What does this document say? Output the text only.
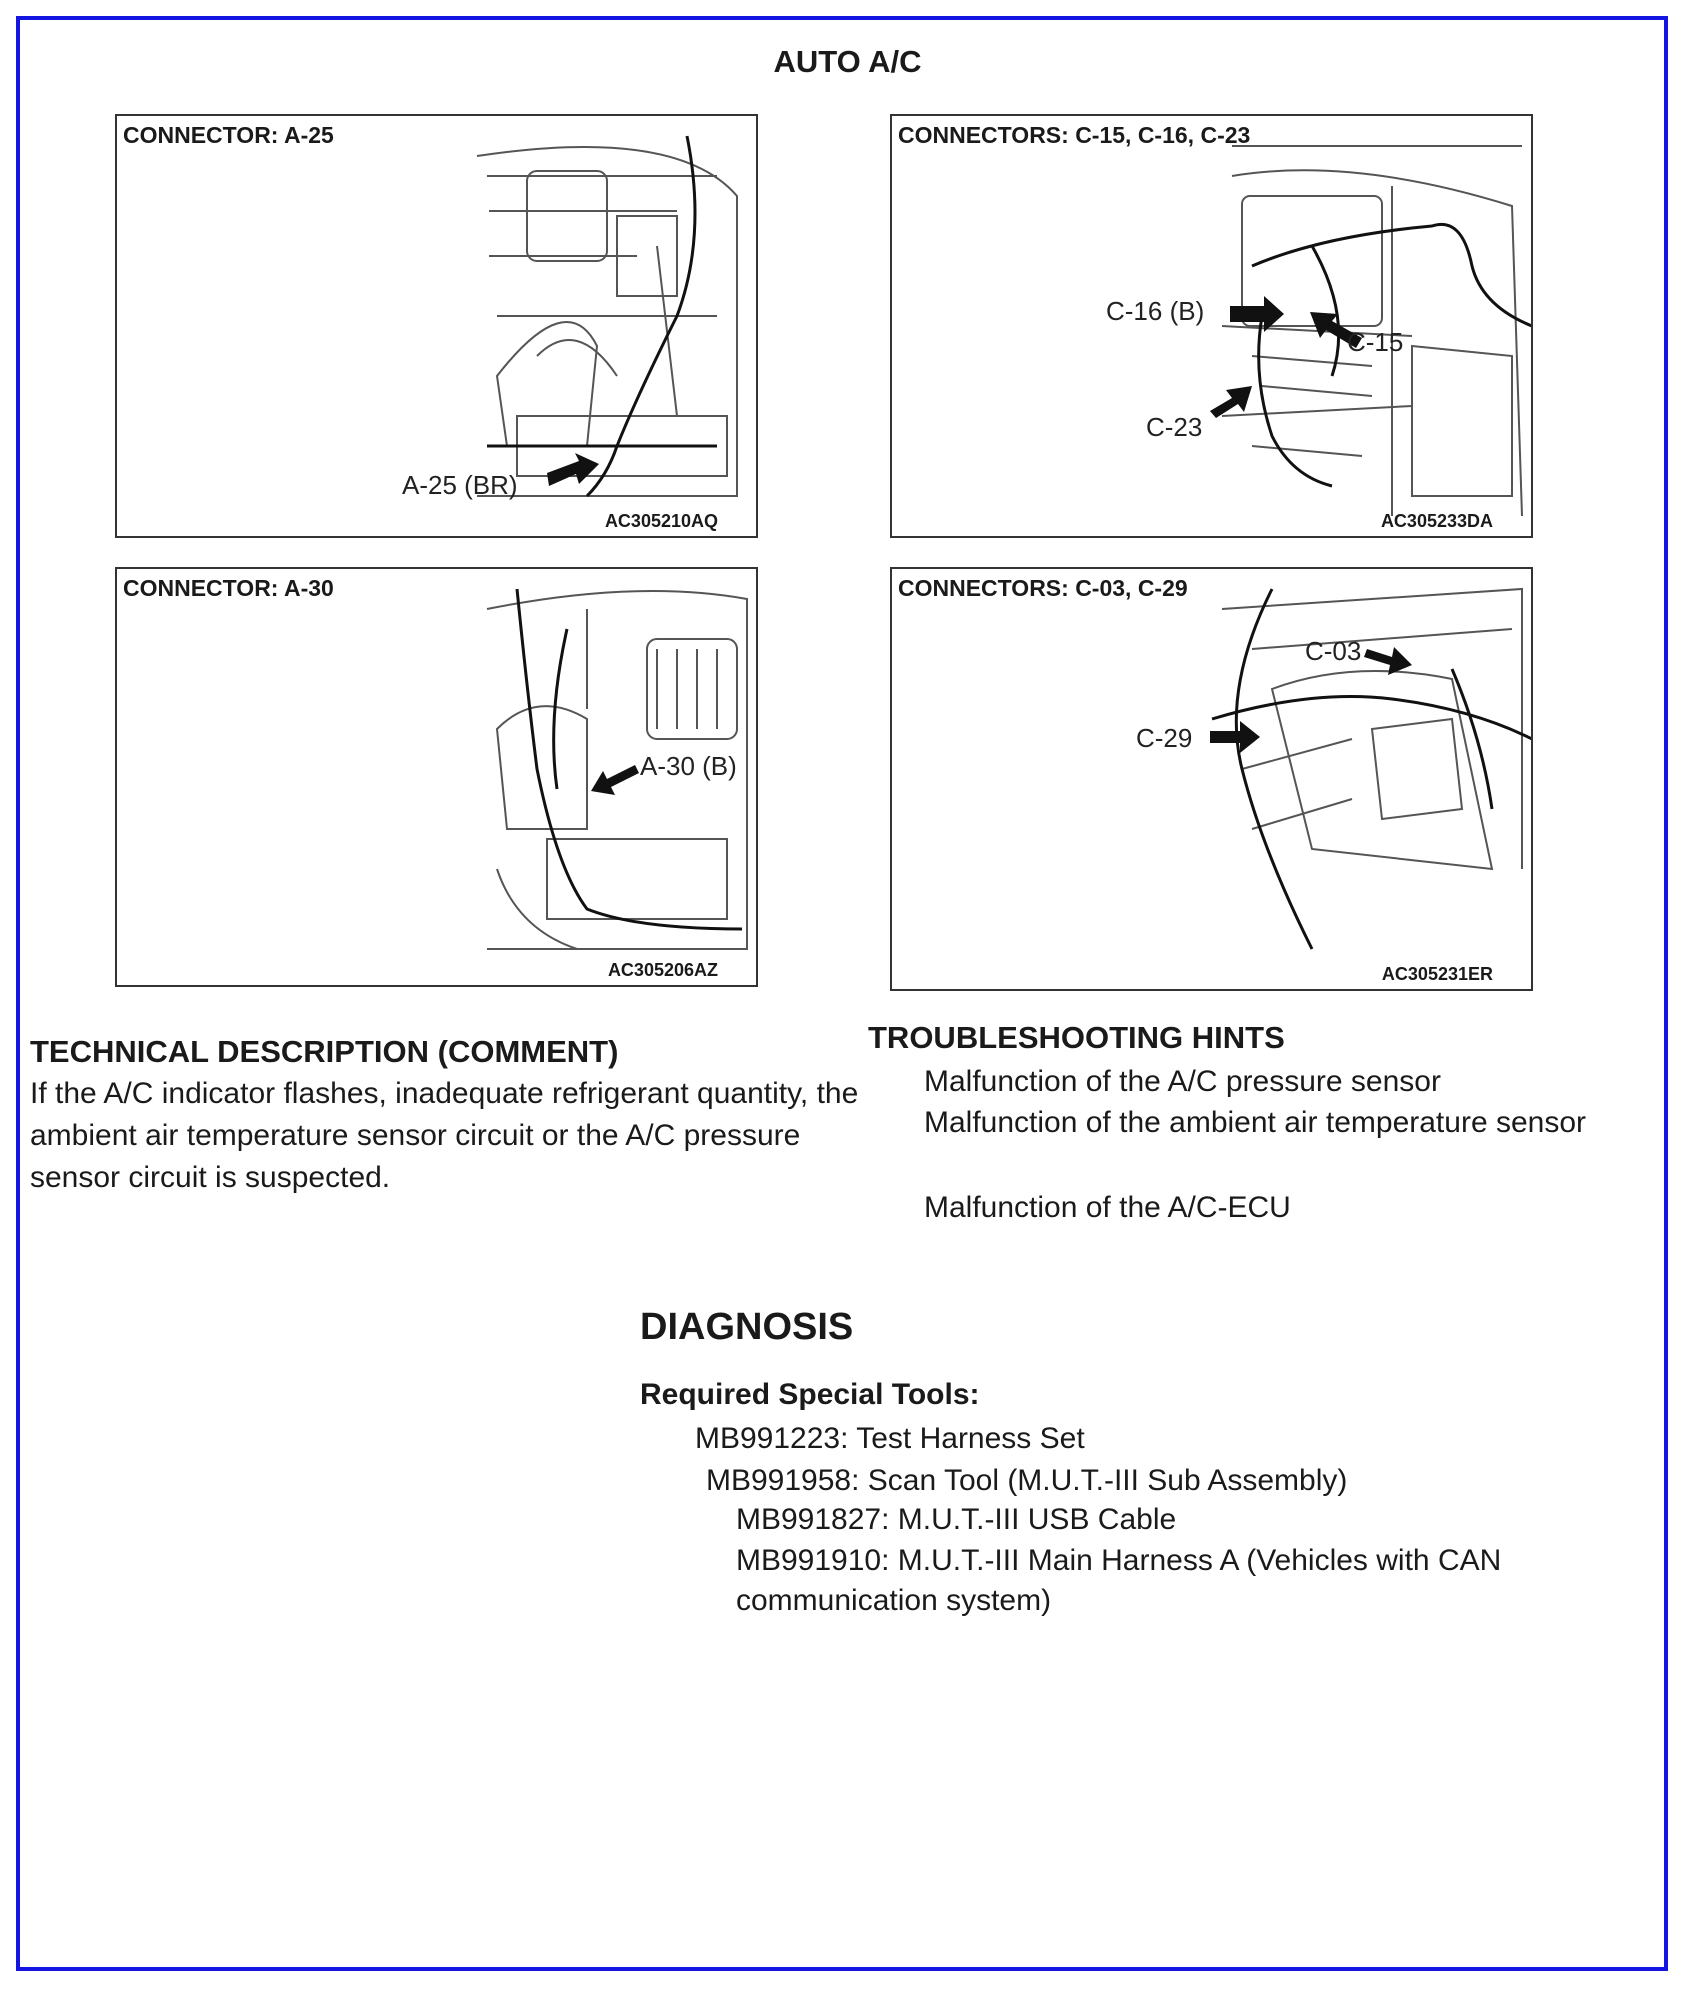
AUTO A/C
CONNECTOR: A-25
A-25 (BR)
AC305210AQ
CONNECTORS: C-15, C-16, C-23
C-16 (B)
C-15
C-23
AC305233DA
CONNECTOR: A-30
A-30 (B)
AC305206AZ
CONNECTORS: C-03, C-29
C-03
C-29
AC305231ER
TECHNICAL DESCRIPTION (COMMENT)
If the A/C indicator flashes, inadequate refrigerant quantity, the ambient air temperature sensor circuit or the A/C pressure sensor circuit is suspected.
TROUBLESHOOTING HINTS
Malfunction of the A/C pressure sensor
Malfunction of the ambient air temperature sensor
Malfunction of the A/C-ECU
DIAGNOSIS
Required Special Tools:
MB991223: Test Harness Set
MB991958: Scan Tool (M.U.T.-III Sub Assembly)
MB991827: M.U.T.-III USB Cable
MB991910: M.U.T.-III Main Harness A (Vehicles with CAN communication system)
